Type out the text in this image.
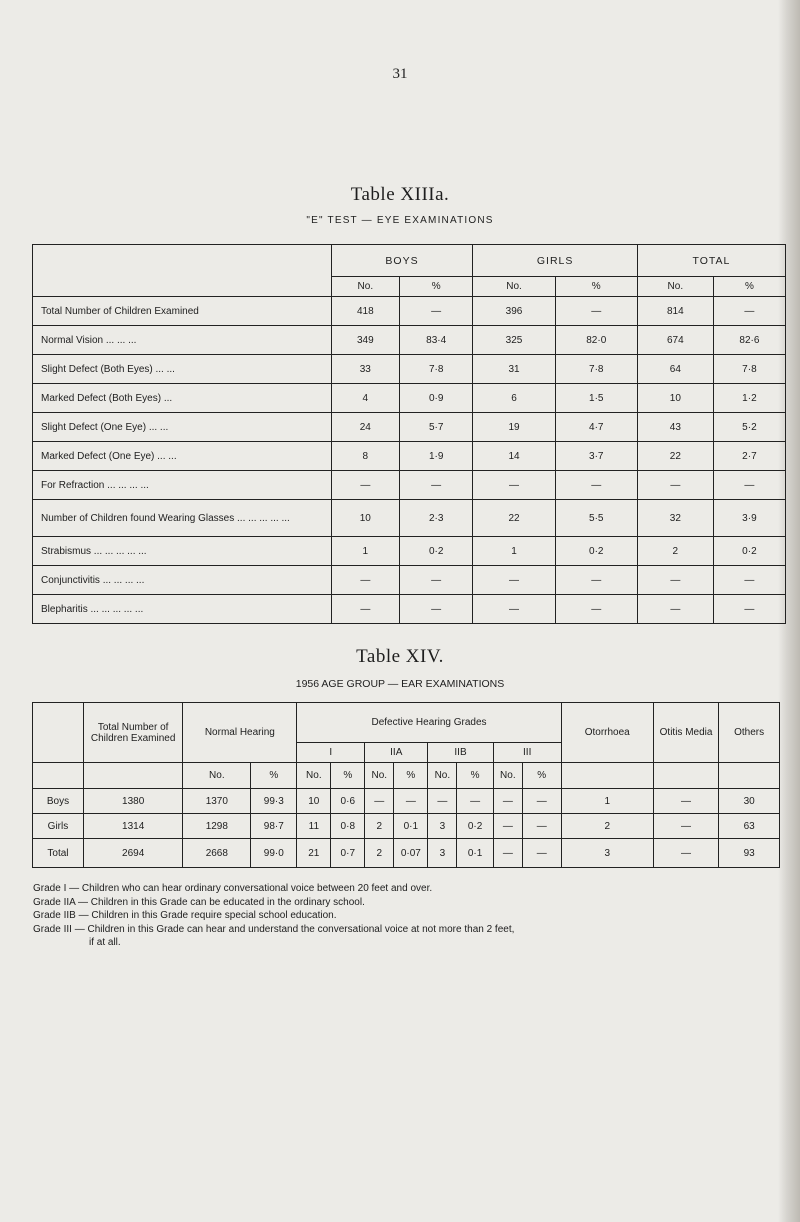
31
Table XIIIa.
"E" TEST — EYE EXAMINATIONS
	BOYS		GIRLS		TOTAL	
	No.	%	No.	%	No.	%
Total Number of Children Examined	418	—	396	—	814	—
Normal Vision ... ... ...	349	83·4	325	82·0	674	82·6
Slight Defect (Both Eyes) ... ...	33	7·8	31	7·8	64	7·8
Marked Defect (Both Eyes) ...	4	0·9	6	1·5	10	1·2
Slight Defect (One Eye) ... ...	24	5·7	19	4·7	43	5·2
Marked Defect (One Eye) ... ...	8	1·9	14	3·7	22	2·7
For Refraction ... ... ... ...	—	—	—	—	—	—
Number of Children found Wearing Glasses ... ... ... ... ...	10	2·3	22	5·5	32	3·9
Strabismus ... ... ... ... ...	1	0·2	1	0·2	2	0·2
Conjunctivitis ... ... ... ...	—	—	—	—	—	—
Blepharitis ... ... ... ... ...	—	—	—	—	—	—
Table XIV.
1956 AGE GROUP — EAR EXAMINATIONS
	Total Number of Children Examined	Normal Hearing		Defective Hearing Grades								Otorrhoea	Otitis Media	Others
				I		IIA		IIB		III				
		No.	%	No.	%	No.	%	No.	%	No.	%			
Boys	1380	1370	99·3	10	0·6	—	—	—	—	—	—	1	—	30
Girls	1314	1298	98·7	11	0·8	2	0·1	3	0·2	—	—	2	—	63
Total	2694	2668	99·0	21	0·7	2	0·07	3	0·1	—	—	3	—	93
Grade I — Children who can hear ordinary conversational voice between 20 feet and over.
Grade IIA — Children in this Grade can be educated in the ordinary school.
Grade IIB — Children in this Grade require special school education.
Grade III — Children in this Grade can hear and understand the conversational voice at not more than 2 feet,
if at all.
